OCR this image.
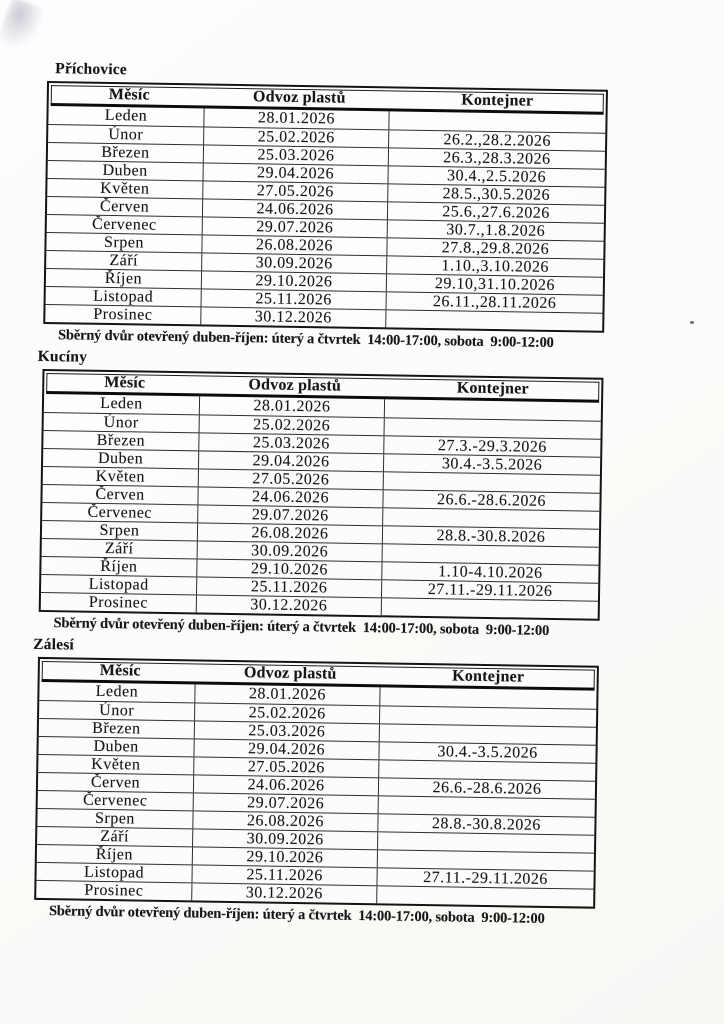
Příchovice
Měsíc	Odvoz plastů	Kontejner
Leden	28.01.2026
Únor	25.02.2026	26.2.,28.2.2026
Březen	25.03.2026	26.3.,28.3.2026
Duben	29.04.2026	30.4.,2.5.2026
Květen	27.05.2026	28.5.,30.5.2026
Červen	24.06.2026	25.6.,27.6.2026
Červenec	29.07.2026	30.7.,1.8.2026
Srpen	26.08.2026	27.8.,29.8.2026
Září	30.09.2026	1.10.,3.10.2026
Říjen	29.10.2026	29.10,31.10.2026
Listopad	25.11.2026	26.11.,28.11.2026
Prosinec	30.12.2026

Sběrný dvůr otevřený duben-říjen: úterý a čtvrtek  14:00-17:00, sobota  9:00-12:00

Kucíny
Měsíc	Odvoz plastů	Kontejner
Leden	28.01.2026
Únor	25.02.2026
Březen	25.03.2026	27.3.-29.3.2026
Duben	29.04.2026	30.4.-3.5.2026
Květen	27.05.2026
Červen	24.06.2026	26.6.-28.6.2026
Červenec	29.07.2026
Srpen	26.08.2026	28.8.-30.8.2026
Září	30.09.2026
Říjen	29.10.2026	1.10-4.10.2026
Listopad	25.11.2026	27.11.-29.11.2026
Prosinec	30.12.2026

Sběrný dvůr otevřený duben-říjen: úterý a čtvrtek  14:00-17:00, sobota  9:00-12:00

Zálesí
Měsíc	Odvoz plastů	Kontejner
Leden	28.01.2026
Únor	25.02.2026
Březen	25.03.2026
Duben	29.04.2026	30.4.-3.5.2026
Květen	27.05.2026
Červen	24.06.2026	26.6.-28.6.2026
Červenec	29.07.2026
Srpen	26.08.2026	28.8.-30.8.2026
Září	30.09.2026
Říjen	29.10.2026
Listopad	25.11.2026	27.11.-29.11.2026
Prosinec	30.12.2026

Sběrný dvůr otevřený duben-říjen: úterý a čtvrtek  14:00-17:00, sobota  9:00-12:00
